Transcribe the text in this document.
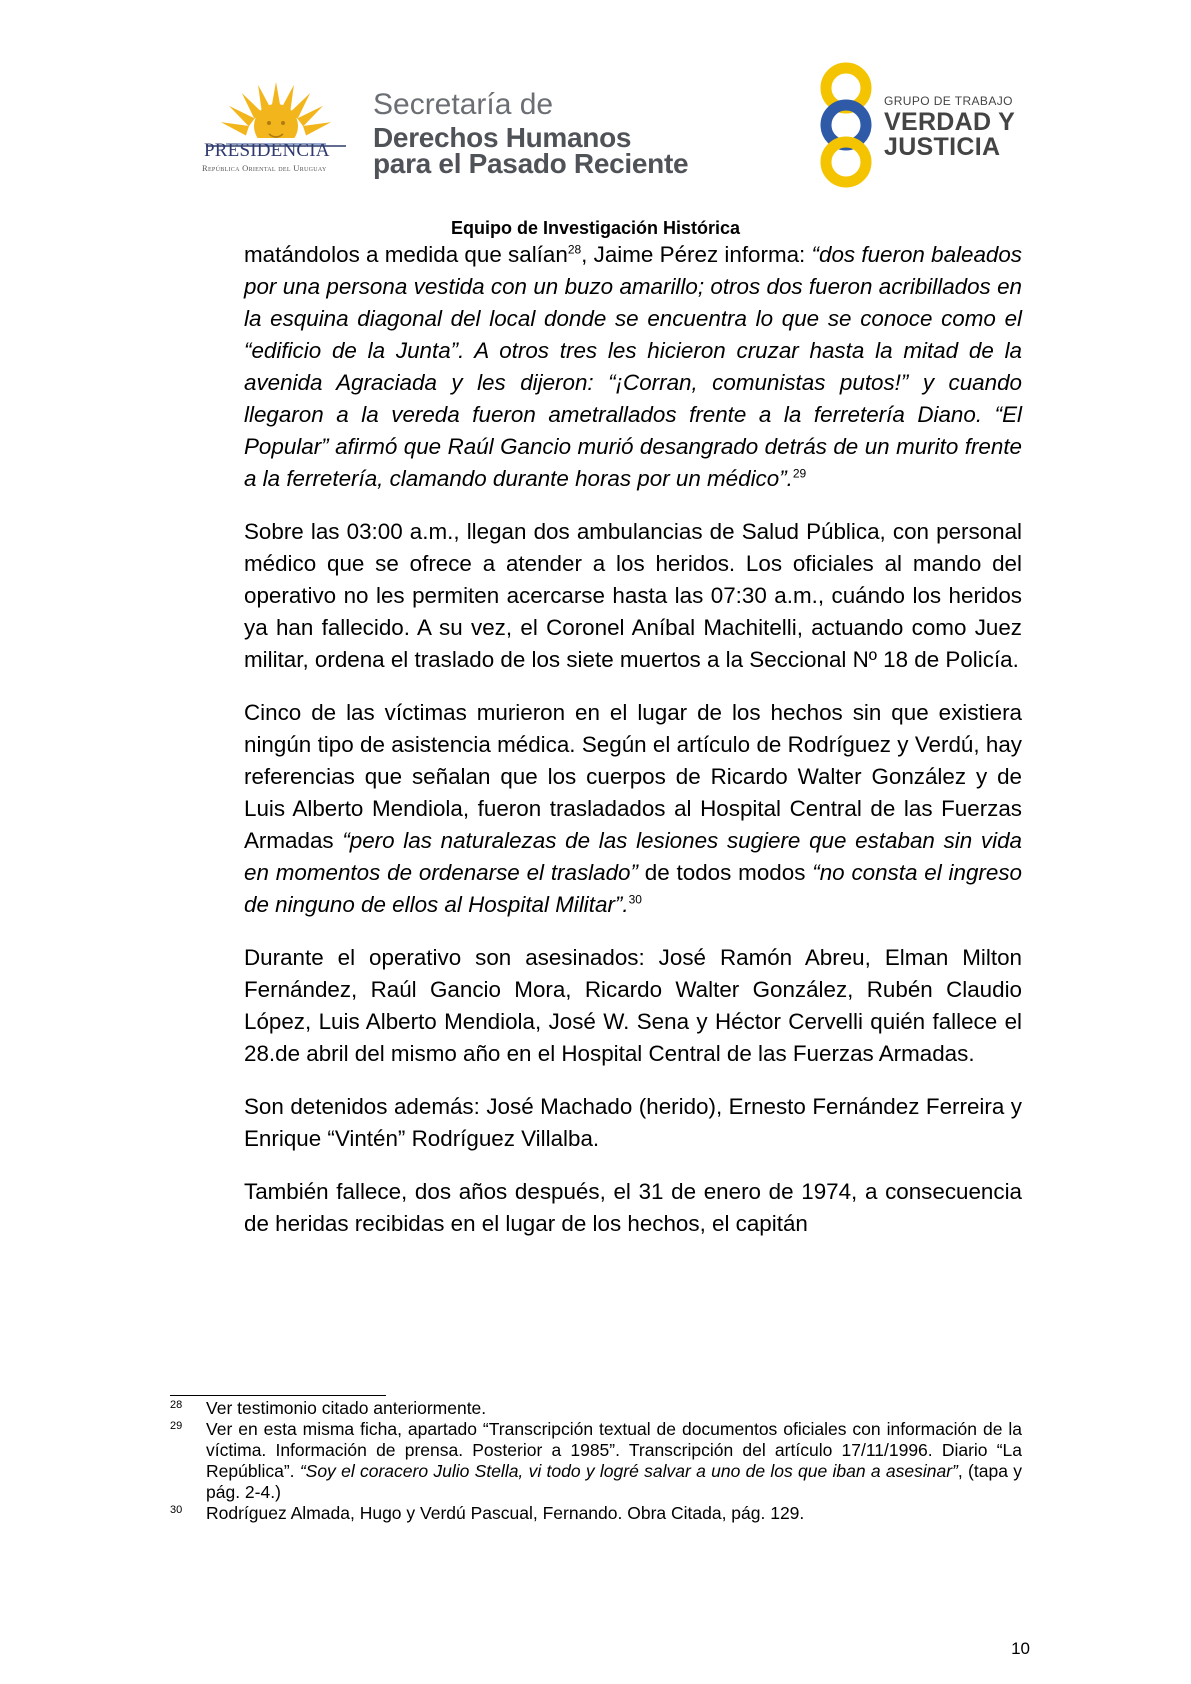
PRESIDENCIA
República Oriental del Uruguay
Secretaría de
Derechos Humanos
para el Pasado Reciente
GRUPO DE TRABAJO
VERDAD Y
JUSTICIA
Equipo de Investigación Histórica

matándolos a medida que salían$^{28}$, Jaime Pérez informa: “dos fueron baleados por una persona vestida con un buzo amarillo; otros dos fueron acribillados en la esquina diagonal del local donde se encuentra lo que se conoce como el “edificio de la Junta”. A otros tres les hicieron cruzar hasta la mitad de la avenida Agraciada y les dijeron: “¡Corran, comunistas putos!” y cuando llegaron a la vereda fueron ametrallados frente a la ferretería Diano. “El Popular” afirmó que Raúl Gancio murió desangrado detrás de un murito frente a la ferretería, clamando durante horas por un médico”.$^{29}$

Sobre las 03:00 a.m., llegan dos ambulancias de Salud Pública, con personal médico que se ofrece a atender a los heridos. Los oficiales al mando del operativo no les permiten acercarse hasta las 07:30 a.m., cuándo los heridos ya han fallecido. A su vez, el Coronel Aníbal Machitelli, actuando como Juez militar, ordena el traslado de los siete muertos a la Seccional Nº 18 de Policía.

Cinco de las víctimas murieron en el lugar de los hechos sin que existiera ningún tipo de asistencia médica. Según el artículo de Rodríguez y Verdú, hay referencias que señalan que los cuerpos de Ricardo Walter González y de Luis Alberto Mendiola, fueron trasladados al Hospital Central de las Fuerzas Armadas “pero las naturalezas de las lesiones sugiere que estaban sin vida en momentos de ordenarse el traslado” de todos modos “no consta el ingreso de ninguno de ellos al Hospital Militar”.$^{30}$

Durante el operativo son asesinados: José Ramón Abreu, Elman Milton Fernández, Raúl Gancio Mora, Ricardo Walter González, Rubén Claudio López, Luis Alberto Mendiola, José W. Sena y Héctor Cervelli quién fallece el 28.de abril del mismo año en el Hospital Central de las Fuerzas Armadas.

Son detenidos además: José Machado (herido), Ernesto Fernández Ferreira y Enrique “Vintén” Rodríguez Villalba.

También fallece, dos años después, el 31 de enero de 1974, a consecuencia de heridas recibidas en el lugar de los hechos, el capitán

28 Ver testimonio citado anteriormente.
29 Ver en esta misma ficha, apartado “Transcripción textual de documentos oficiales con información de la víctima. Información de prensa. Posterior a 1985”. Transcripción del artículo 17/11/1996. Diario “La República”. “Soy el coracero Julio Stella, vi todo y logré salvar a uno de los que iban a asesinar”, (tapa y pág. 2-4.)
30 Rodríguez Almada, Hugo y Verdú Pascual, Fernando. Obra Citada, pág. 129.
10
